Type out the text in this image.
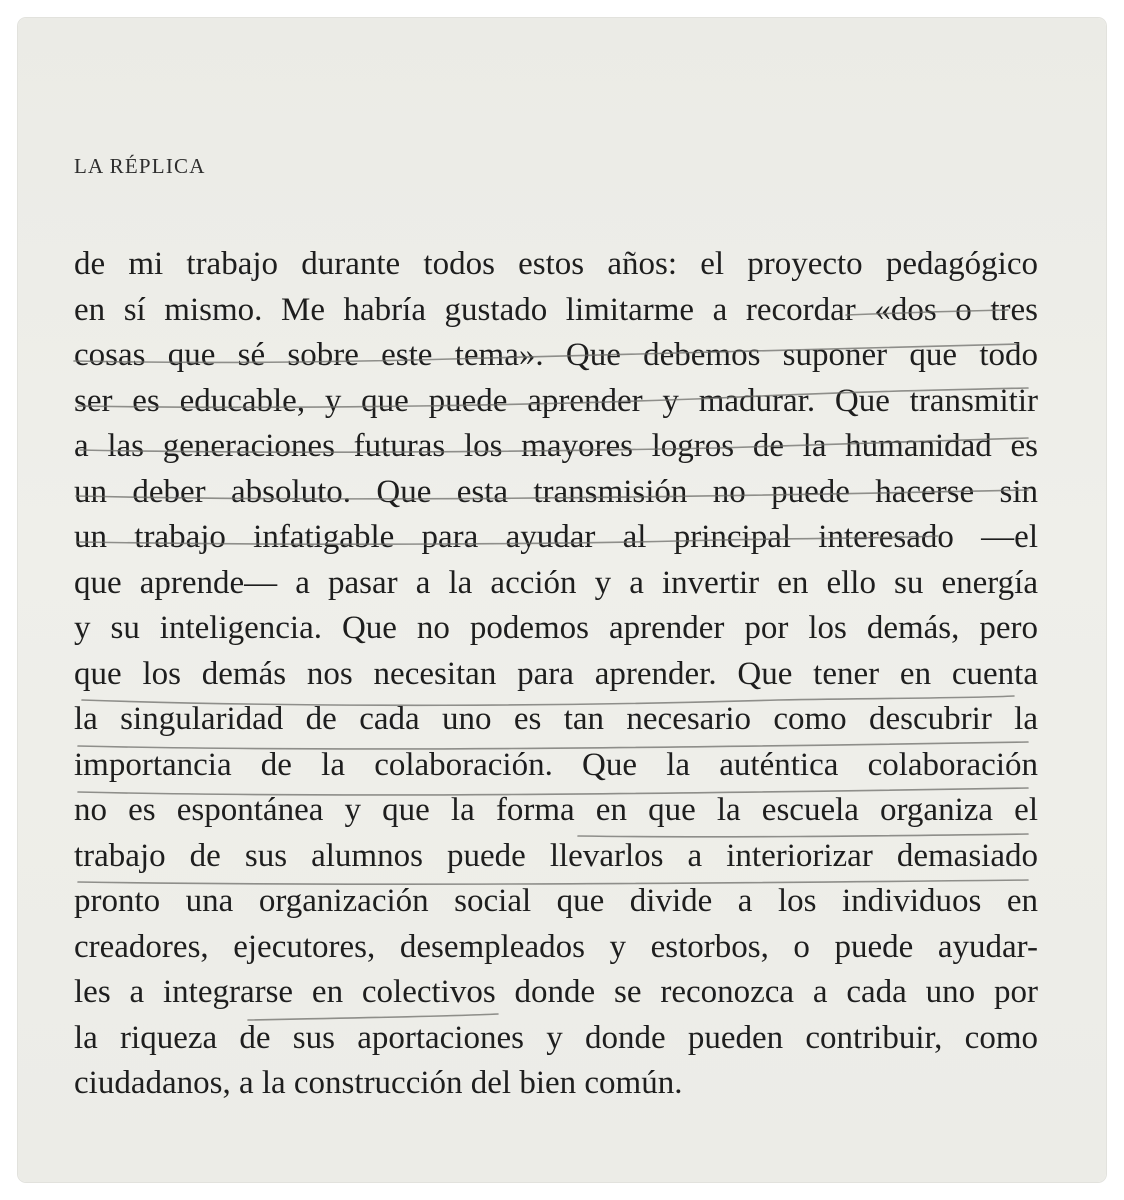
LA RÉPLICA
de mi trabajo durante todos estos años: el proyecto pedagógico
en sí mismo. Me habría gustado limitarme a recordar «dos o tres
cosas que sé sobre este tema». Que debemos suponer que todo
ser es educable, y que puede aprender y madurar. Que transmitir
a las generaciones futuras los mayores logros de la humanidad es
un deber absoluto. Que esta transmisión no puede hacerse sin
un trabajo infatigable para ayudar al principal interesado —el
que aprende— a pasar a la acción y a invertir en ello su energía
y su inteligencia. Que no podemos aprender por los demás, pero
que los demás nos necesitan para aprender. Que tener en cuenta
la singularidad de cada uno es tan necesario como descubrir la
importancia de la colaboración. Que la auténtica colaboración
no es espontánea y que la forma en que la escuela organiza el
trabajo de sus alumnos puede llevarlos a interiorizar demasiado
pronto una organización social que divide a los individuos en
creadores, ejecutores, desempleados y estorbos, o puede ayudar-
les a integrarse en colectivos donde se reconozca a cada uno por
la riqueza de sus aportaciones y donde pueden contribuir, como
ciudadanos, a la construcción del bien común.
